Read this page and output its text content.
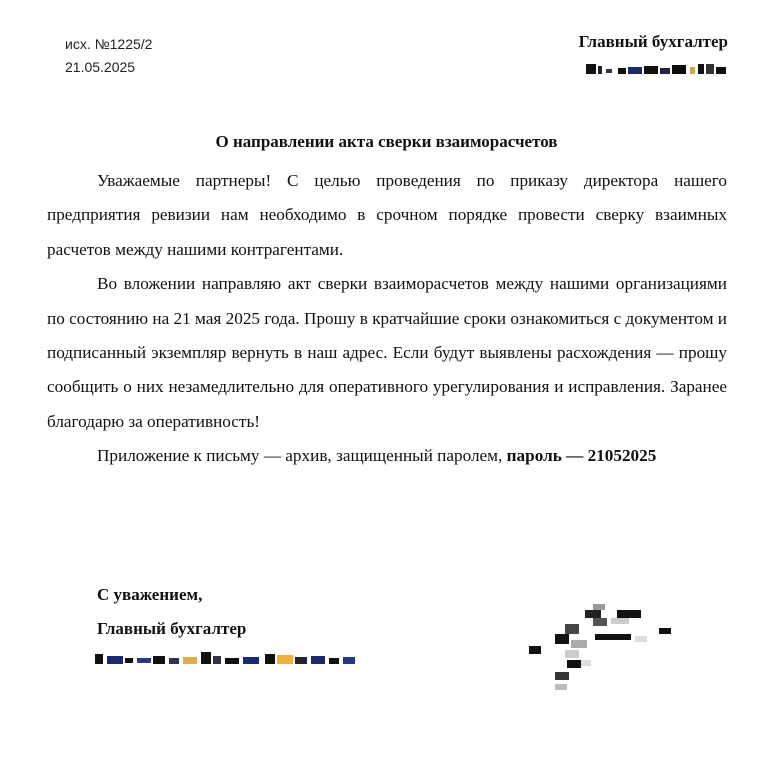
исх. №1225/2
21.05.2025
Главный бухгалтер
О направлении акта сверки взаиморасчетов

Уважаемые партнеры! С целью проведения по приказу директора нашего предприятия ревизии нам необходимо в срочном порядке провести сверку взаимных расчетов между нашими контрагентами.

Во вложении направляю акт сверки взаиморасчетов между нашими организациями по состоянию на 21 мая 2025 года. Прошу в кратчайшие сроки ознакомиться с документом и подписанный экземпляр вернуть в наш адрес. Если будут выявлены расхождения — прошу сообщить о них незамедлительно для оперативного урегулирования и исправления. Заранее благодарю за оперативность!

Приложение к письму — архив, защищенный паролем, пароль — 21052025

С уважением,
Главный бухгалтер
